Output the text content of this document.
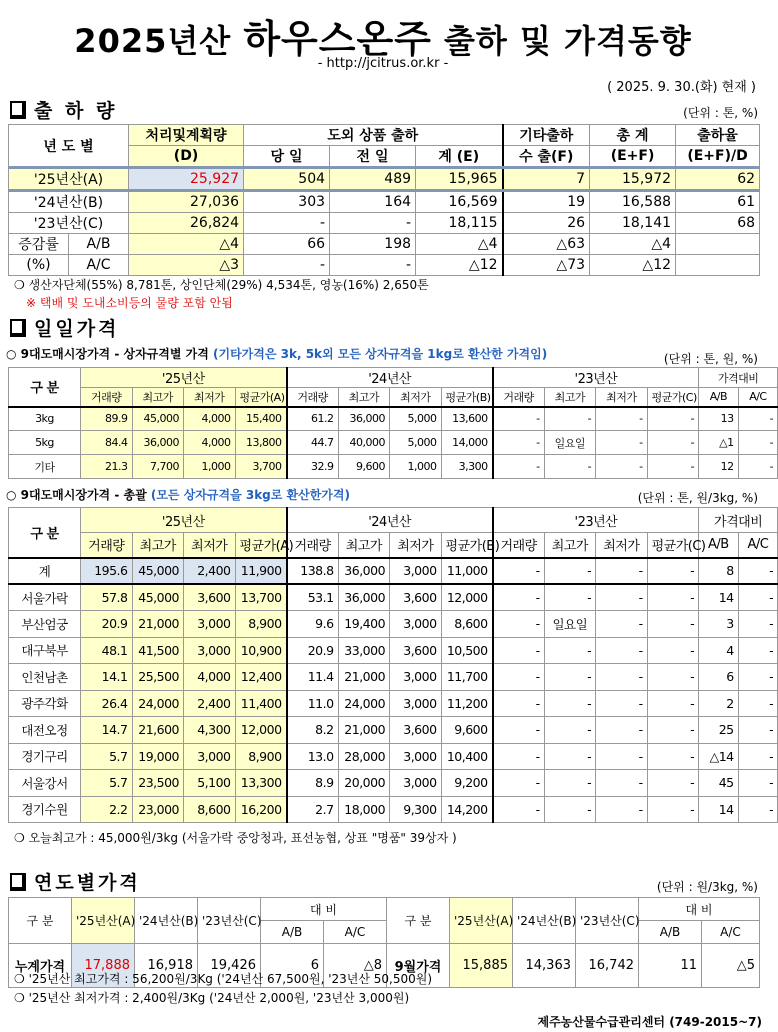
2025년산 하우스온주 출하 및 가격동향
- http://jcitrus.or.kr -
( 2025. 9. 30.(화) 현재 )
출 하 량	(단위 : 톤, %)
년 도 별		처리및계획량	도외 상품 출하			기타출하	총 계	출하율
		(D)	당 일	전 일	계 (E)	수 출(F)	(E+F)	(E+F)/D
'25년산(A)		25,927	504	489	15,965	7	15,972	62
'24년산(B)		27,036	303	164	16,569	19	16,588	61
'23년산(C)		26,824	-	-	18,115	26	18,141	68
증감률	A/B	△4	66	198	△4	△63	△4	
(%)	A/C	△3	-	-	△12	△73	△12	
❍ 생산자단체(55%) 8,781톤, 상인단체(29%) 4,534톤, 영농(16%) 2,650톤
※ 택배 및 도내소비등의 물량 포함 안됨
일일가격
○ 9대도매시장가격 - 상자규격별 가격 (기타가격은 3k, 5k외 모든 상자규격을 1kg로 환산한 가격임)	(단위 : 톤, 원, %)
구 분	'25년산				'24년산				'23년산				가격대비	
	거래량	최고가	최저가	평균가(A)	거래량	최고가	최저가	평균가(B)	거래량	최고가	최저가	평균가(C)	A/B	A/C
3kg	89.9	45,000	4,000	15,400	61.2	36,000	5,000	13,600	-	-	-	-	13	-
5kg	84.4	36,000	4,000	13,800	44.7	40,000	5,000	14,000	-	일요일	-	-	△1	-
기타	21.3	7,700	1,000	3,700	32.9	9,600	1,000	3,300	-	-	-	-	12	-
○ 9대도매시장가격 - 총괄 (모든 상자규격을 3kg로 환산한가격)	(단위 : 톤, 원/3kg, %)
구 분	'25년산				'24년산				'23년산				가격대비	
	거래량	최고가	최저가	평균가(A)	거래량	최고가	최저가	평균가(B)	거래량	최고가	최저가	평균가(C)	A/B	A/C
계	195.6	45,000	2,400	11,900	138.8	36,000	3,000	11,000	-	-	-	-	8	-
서울가락	57.8	45,000	3,600	13,700	53.1	36,000	3,600	12,000	-	-	-	-	14	-
부산엄궁	20.9	21,000	3,000	8,900	9.6	19,400	3,000	8,600	-	일요일	-	-	3	-
대구북부	48.1	41,500	3,000	10,900	20.9	33,000	3,600	10,500	-	-	-	-	4	-
인천남촌	14.1	25,500	4,000	12,400	11.4	21,000	3,000	11,700	-	-	-	-	6	-
광주각화	26.4	24,000	2,400	11,400	11.0	24,000	3,000	11,200	-	-	-	-	2	-
대전오정	14.7	21,600	4,300	12,000	8.2	21,000	3,600	9,600	-	-	-	-	25	-
경기구리	5.7	19,000	3,000	8,900	13.0	28,000	3,000	10,400	-	-	-	-	△14	-
서울강서	5.7	23,500	5,100	13,300	8.9	20,000	3,000	9,200	-	-	-	-	45	-
경기수원	2.2	23,000	8,600	16,200	2.7	18,000	9,300	14,200	-	-	-	-	14	-
❍ 오늘최고가 : 45,000원/3kg (서울가락 중앙청과, 표선농협, 상표 "명품" 39상자 )
연도별가격	(단위 : 원/3kg, %)
구 분	'25년산(A)	'24년산(B)	'23년산(C)	대 비		구 분	'25년산(A)	'24년산(B)	'23년산(C)	대 비	
				A/B	A/C					A/B	A/C
누계가격	17,888	16,918	19,426	6	△8	9월가격	15,885	14,363	16,742	11	△5
❍ '25년산 최고가격 : 56,200원/3Kg ('24년산 67,500원, '23년산 50,500원)
❍ '25년산 최저가격 : 2,400원/3Kg ('24년산 2,000원, '23년산 3,000원)
제주농산물수급관리센터 (749-2015~7)
